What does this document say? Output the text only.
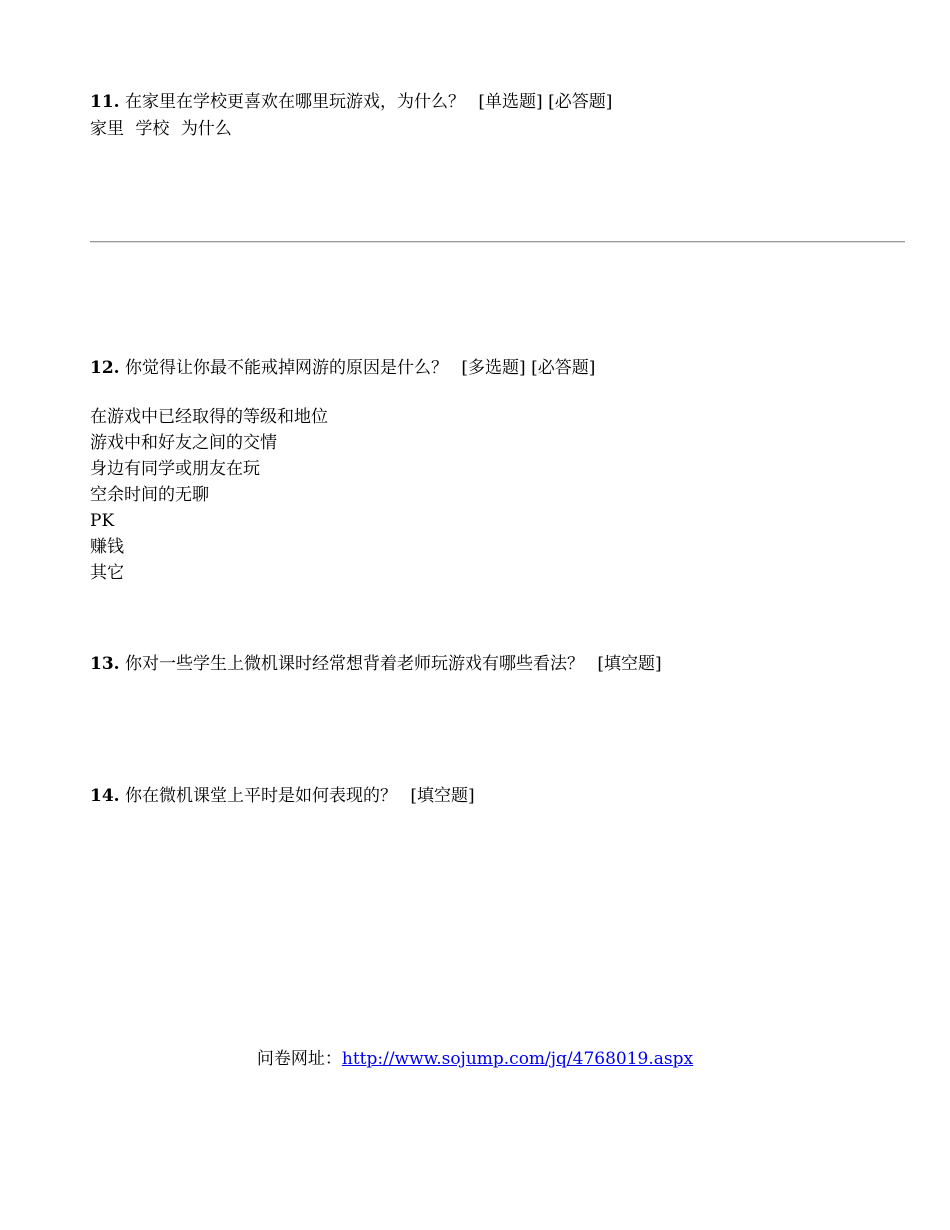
11. 在家里在学校更喜欢在哪里玩游戏，为什么？ [单选题] [必答题]
家里 学校 为什么
12. 你觉得让你最不能戒掉网游的原因是什么？ [多选题] [必答题]
在游戏中已经取得的等级和地位
游戏中和好友之间的交情
身边有同学或朋友在玩
空余时间的无聊
PK
赚钱
其它
13. 你对一些学生上微机课时经常想背着老师玩游戏有哪些看法？ [填空题]
14. 你在微机课堂上平时是如何表现的？ [填空题]
问卷网址：http://www.sojump.com/jq/4768019.aspx
